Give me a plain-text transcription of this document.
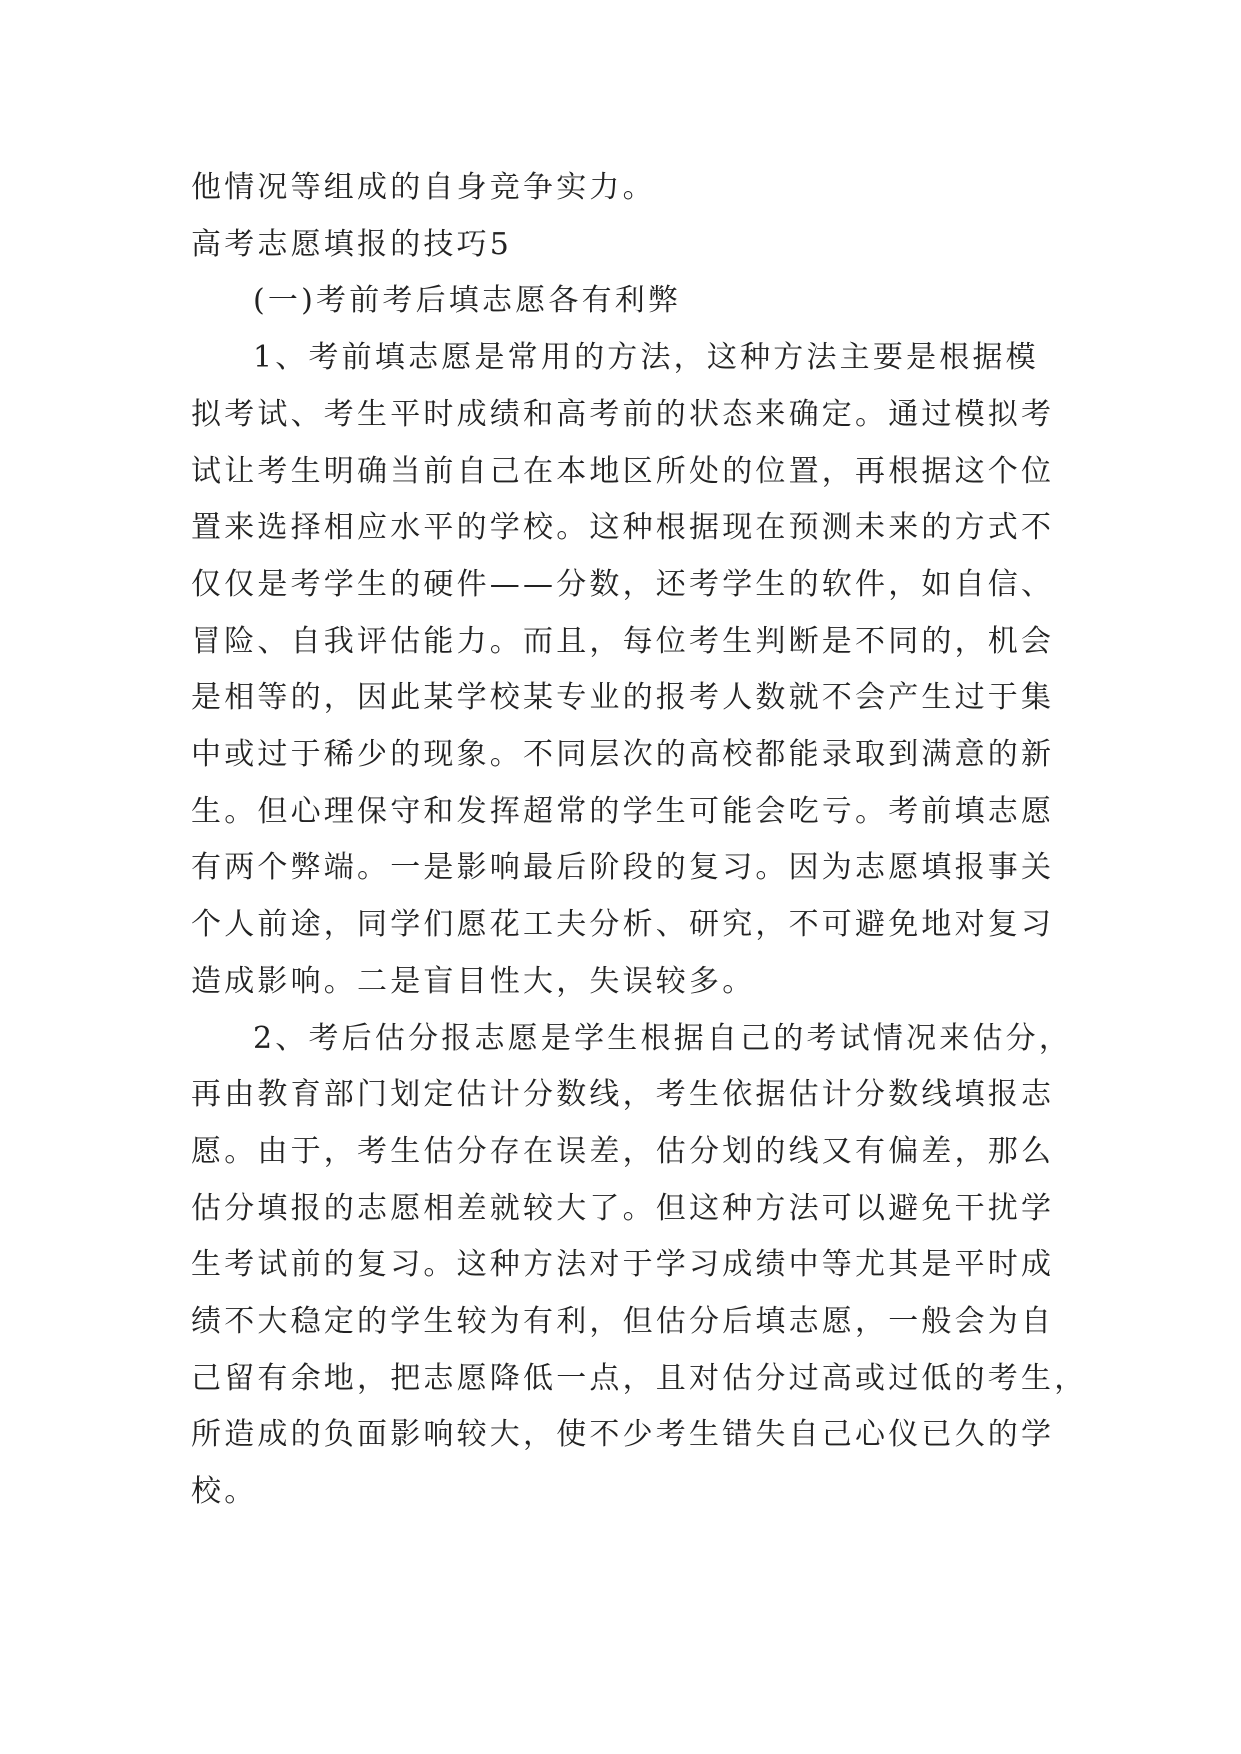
他情况等组成的自身竞争实力。

高考志愿填报的技巧5

(一)考前考后填志愿各有利弊

1、考前填志愿是常用的方法，这种方法主要是根据模
拟考试、考生平时成绩和高考前的状态来确定。通过模拟考
试让考生明确当前自己在本地区所处的位置，再根据这个位
置来选择相应水平的学校。这种根据现在预测未来的方式不
仅仅是考学生的硬件——分数，还考学生的软件，如自信、
冒险、自我评估能力。而且，每位考生判断是不同的，机会
是相等的，因此某学校某专业的报考人数就不会产生过于集
中或过于稀少的现象。不同层次的高校都能录取到满意的新
生。但心理保守和发挥超常的学生可能会吃亏。考前填志愿
有两个弊端。一是影响最后阶段的复习。因为志愿填报事关
个人前途，同学们愿花工夫分析、研究，不可避免地对复习
造成影响。二是盲目性大，失误较多。

2、考后估分报志愿是学生根据自己的考试情况来估分，
再由教育部门划定估计分数线，考生依据估计分数线填报志
愿。由于，考生估分存在误差，估分划的线又有偏差，那么
估分填报的志愿相差就较大了。但这种方法可以避免干扰学
生考试前的复习。这种方法对于学习成绩中等尤其是平时成
绩不大稳定的学生较为有利，但估分后填志愿，一般会为自
己留有余地，把志愿降低一点，且对估分过高或过低的考生，
所造成的负面影响较大，使不少考生错失自己心仪已久的学
校。
